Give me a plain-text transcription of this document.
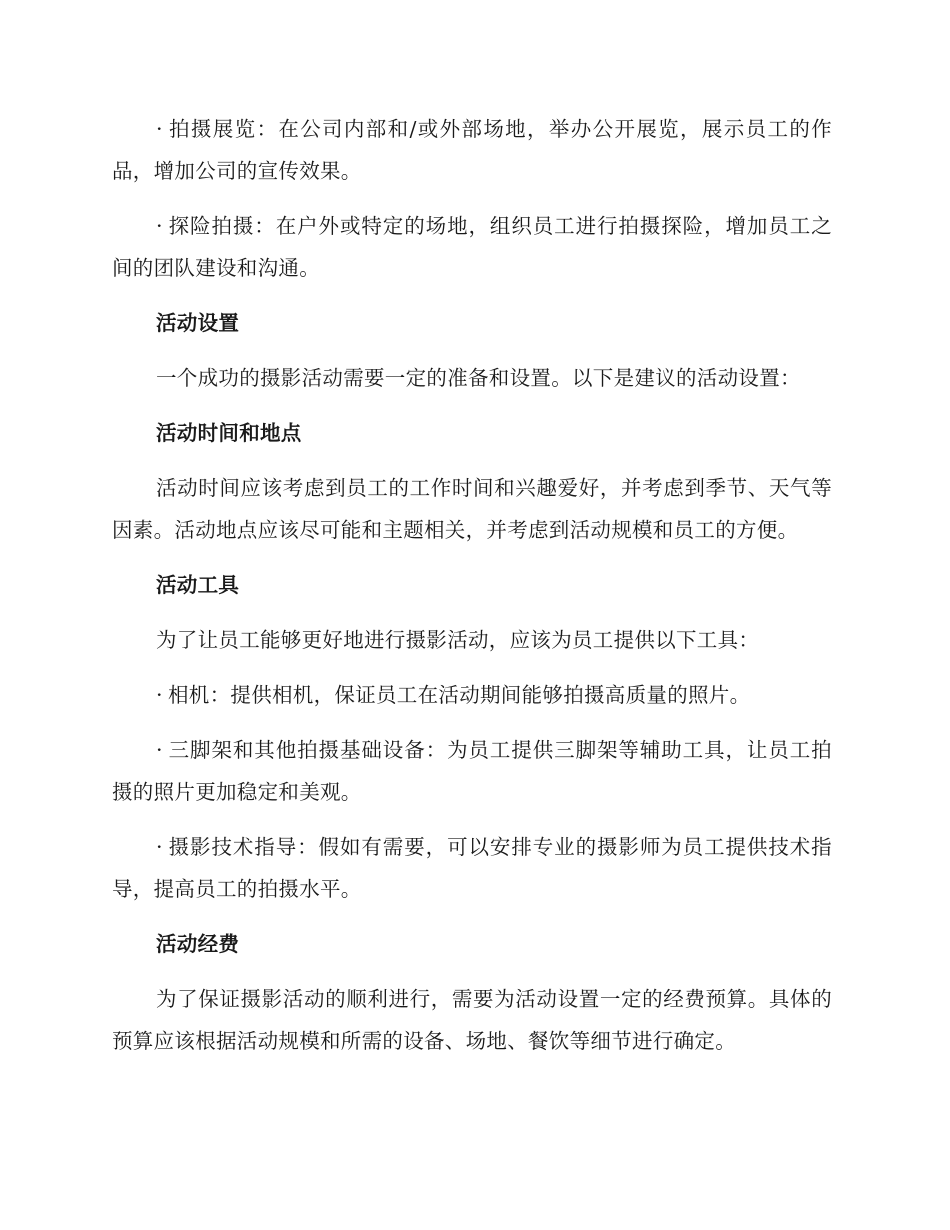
· 拍摄展览：在公司内部和/或外部场地，举办公开展览，展示员工的作品，增加公司的宣传效果。

· 探险拍摄：在户外或特定的场地，组织员工进行拍摄探险，增加员工之间的团队建设和沟通。

活动设置

一个成功的摄影活动需要一定的准备和设置。以下是建议的活动设置：

活动时间和地点

活动时间应该考虑到员工的工作时间和兴趣爱好，并考虑到季节、天气等因素。活动地点应该尽可能和主题相关，并考虑到活动规模和员工的方便。

活动工具

为了让员工能够更好地进行摄影活动，应该为员工提供以下工具：

· 相机：提供相机，保证员工在活动期间能够拍摄高质量的照片。

· 三脚架和其他拍摄基础设备：为员工提供三脚架等辅助工具，让员工拍摄的照片更加稳定和美观。

· 摄影技术指导：假如有需要，可以安排专业的摄影师为员工提供技术指导，提高员工的拍摄水平。

活动经费

为了保证摄影活动的顺利进行，需要为活动设置一定的经费预算。具体的预算应该根据活动规模和所需的设备、场地、餐饮等细节进行确定。
